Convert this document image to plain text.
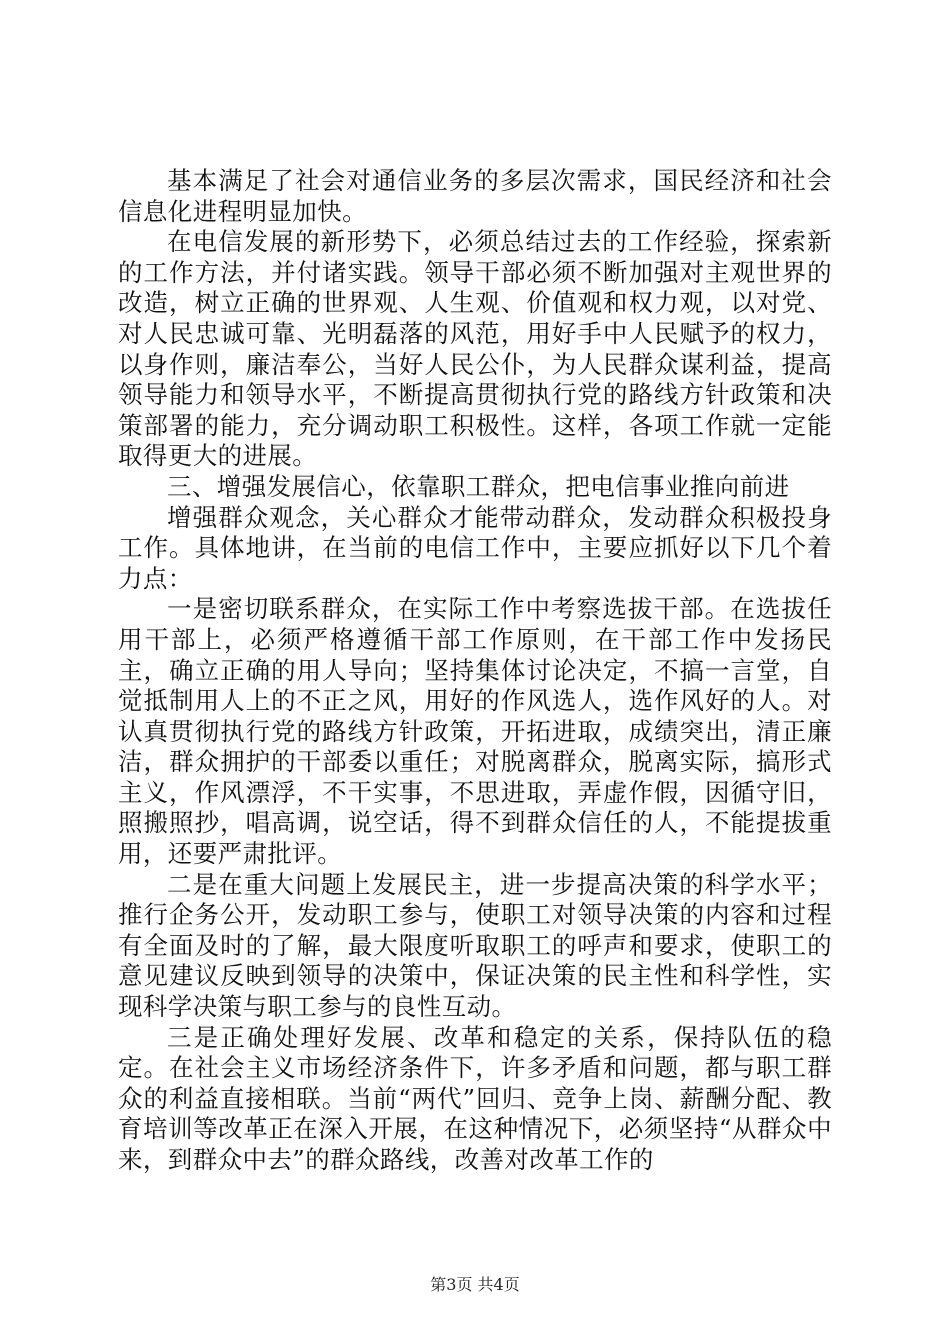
基本满足了社会对通信业务的多层次需求，国民经济和社会信息化进程明显加快。

在电信发展的新形势下，必须总结过去的工作经验，探索新的工作方法，并付诸实践。领导干部必须不断加强对主观世界的改造，树立正确的世界观、人生观、价值观和权力观，以对党、对人民忠诚可靠、光明磊落的风范，用好手中人民赋予的权力，以身作则，廉洁奉公，当好人民公仆，为人民群众谋利益，提高领导能力和领导水平，不断提高贯彻执行党的路线方针政策和决策部署的能力，充分调动职工积极性。这样，各项工作就一定能取得更大的进展。

三、增强发展信心，依靠职工群众，把电信事业推向前进

增强群众观念，关心群众才能带动群众，发动群众积极投身工作。具体地讲，在当前的电信工作中，主要应抓好以下几个着力点：

一是密切联系群众，在实际工作中考察选拔干部。在选拔任用干部上，必须严格遵循干部工作原则，在干部工作中发扬民主，确立正确的用人导向；坚持集体讨论决定，不搞一言堂，自觉抵制用人上的不正之风，用好的作风选人，选作风好的人。对认真贯彻执行党的路线方针政策，开拓进取，成绩突出，清正廉洁，群众拥护的干部委以重任；对脱离群众，脱离实际，搞形式主义，作风漂浮，不干实事，不思进取，弄虚作假，因循守旧，照搬照抄，唱高调，说空话，得不到群众信任的人，不能提拔重用，还要严肃批评。

二是在重大问题上发展民主，进一步提高决策的科学水平；推行企务公开，发动职工参与，使职工对领导决策的内容和过程有全面及时的了解，最大限度听取职工的呼声和要求，使职工的意见建议反映到领导的决策中，保证决策的民主性和科学性，实现科学决策与职工参与的良性互动。

三是正确处理好发展、改革和稳定的关系，保持队伍的稳定。在社会主义市场经济条件下，许多矛盾和问题，都与职工群众的利益直接相联。当前“两代”回归、竞争上岗、薪酬分配、教育培训等改革正在深入开展，在这种情况下，必须坚持“从群众中来，到群众中去”的群众路线，改善对改革工作的

第3页 共4页
